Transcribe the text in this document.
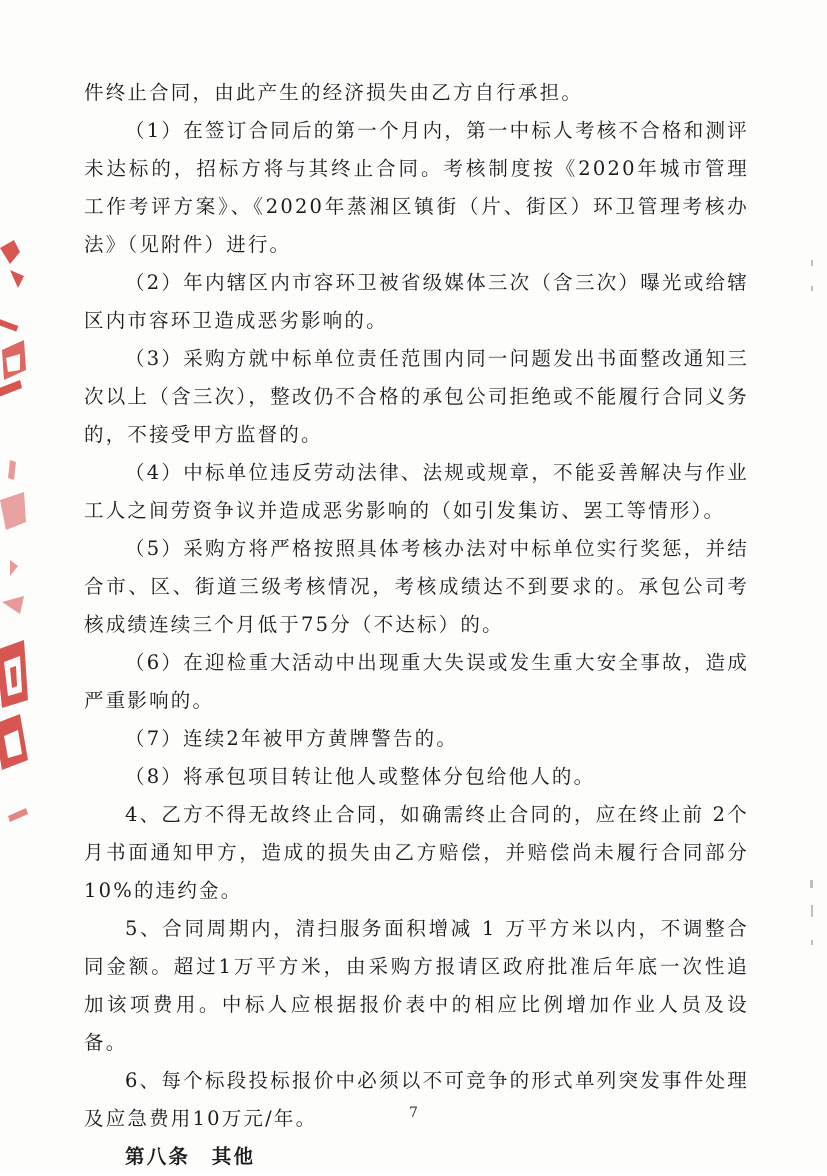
件终止合同，由此产生的经济损失由乙方自行承担。

（1）在签订合同后的第一个月内，第一中标人考核不合格和测评未达标的，招标方将与其终止合同。考核制度按《2020年城市管理工作考评方案》、《2020年蒸湘区镇街（片、街区）环卫管理考核办法》（见附件）进行。

（2）年内辖区内市容环卫被省级媒体三次（含三次）曝光或给辖区内市容环卫造成恶劣影响的。

（3）采购方就中标单位责任范围内同一问题发出书面整改通知三次以上（含三次），整改仍不合格的承包公司拒绝或不能履行合同义务的，不接受甲方监督的。

（4）中标单位违反劳动法律、法规或规章，不能妥善解决与作业工人之间劳资争议并造成恶劣影响的（如引发集访、罢工等情形）。

（5）采购方将严格按照具体考核办法对中标单位实行奖惩，并结合市、区、街道三级考核情况，考核成绩达不到要求的。承包公司考核成绩连续三个月低于75分（不达标）的。

（6）在迎检重大活动中出现重大失误或发生重大安全事故，造成严重影响的。

（7）连续2年被甲方黄牌警告的。

（8）将承包项目转让他人或整体分包给他人的。

4、乙方不得无故终止合同，如确需终止合同的，应在终止前 2个月书面通知甲方，造成的损失由乙方赔偿，并赔偿尚未履行合同部分10%的违约金。

5、合同周期内，清扫服务面积增减 1 万平方米以内，不调整合同金额。超过1万平方米，由采购方报请区政府批准后年底一次性追加该项费用。中标人应根据报价表中的相应比例增加作业人员及设备。

6、每个标段投标报价中必须以不可竞争的形式单列突发事件处理及应急费用10万元/年。

第八条　其他

7
